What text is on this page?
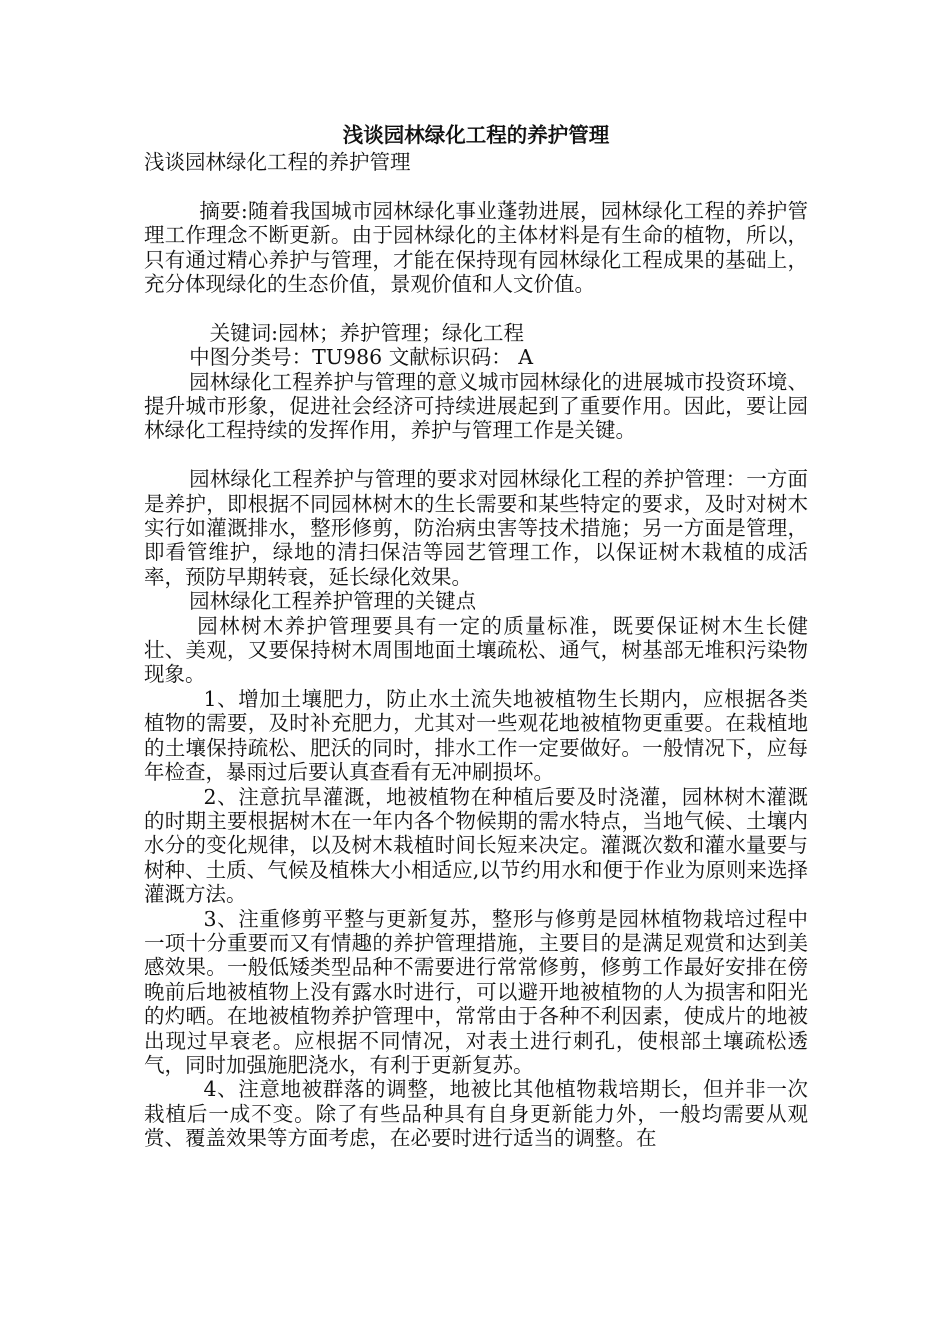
浅谈园林绿化工程的养护管理
浅谈园林绿化工程的养护管理

摘要:随着我国城市园林绿化事业蓬勃进展，园林绿化工程的养护管理工作理念不断更新。由于园林绿化的主体材料是有生命的植物，所以，只有通过精心养护与管理，才能在保持现有园林绿化工程成果的基础上，充分体现绿化的生态价值，景观价值和人文价值。

关键词:园林；养护管理；绿化工程

中图分类号：TU986 文献标识码： A

园林绿化工程养护与管理的意义城市园林绿化的进展城市投资环境、提升城市形象，促进社会经济可持续进展起到了重要作用。因此，要让园林绿化工程持续的发挥作用，养护与管理工作是关键。

园林绿化工程养护与管理的要求对园林绿化工程的养护管理：一方面是养护，即根据不同园林树木的生长需要和某些特定的要求，及时对树木实行如灌溉排水，整形修剪，防治病虫害等技术措施；另一方面是管理，即看管维护，绿地的清扫保洁等园艺管理工作，以保证树木栽植的成活率，预防早期转衰，延长绿化效果。

园林绿化工程养护管理的关键点

园林树木养护管理要具有一定的质量标准，既要保证树木生长健壮、美观，又要保持树木周围地面土壤疏松、通气，树基部无堆积污染物现象。

1、增加土壤肥力，防止水土流失地被植物生长期内，应根据各类植物的需要，及时补充肥力，尤其对一些观花地被植物更重要。在栽植地的土壤保持疏松、肥沃的同时，排水工作一定要做好。一般情况下，应每年检查，暴雨过后要认真查看有无冲刷损坏。

2、注意抗旱灌溉，地被植物在种植后要及时浇灌，园林树木灌溉的时期主要根据树木在一年内各个物候期的需水特点，当地气候、土壤内水分的变化规律，以及树木栽植时间长短来决定。灌溉次数和灌水量要与树种、土质、气候及植株大小相适应,以节约用水和便于作业为原则来选择灌溉方法。

3、注重修剪平整与更新复苏，整形与修剪是园林植物栽培过程中一项十分重要而又有情趣的养护管理措施，主要目的是满足观赏和达到美感效果。一般低矮类型品种不需要进行常常修剪，修剪工作最好安排在傍晚前后地被植物上没有露水时进行，可以避开地被植物的人为损害和阳光的灼晒。在地被植物养护管理中，常常由于各种不利因素，使成片的地被出现过早衰老。应根据不同情况，对表土进行刺孔，使根部土壤疏松透气，同时加强施肥浇水，有利于更新复苏。

4、注意地被群落的调整，地被比其他植物栽培期长，但并非一次栽植后一成不变。除了有些品种具有自身更新能力外，一般均需要从观赏、覆盖效果等方面考虑，在必要时进行适当的调整。在
